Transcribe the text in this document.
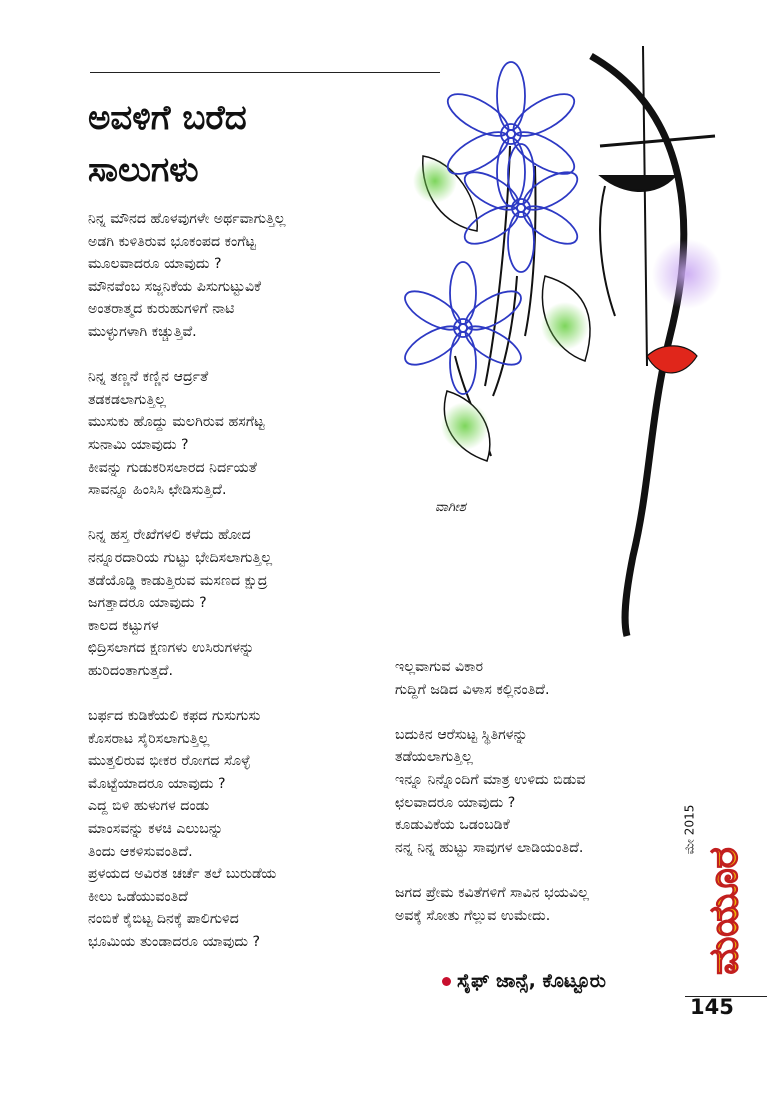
ಅವಳಿಗೆ ಬರೆದ
ಸಾಲುಗಳು
ನಿನ್ನ ಮೌನದ ಹೊಳವುಗಳೇ ಅರ್ಥವಾಗುತ್ತಿಲ್ಲ
ಅಡಗಿ ಕುಳಿತಿರುವ ಭೂಕಂಪದ ಕಂಗೆಟ್ಟ
ಮೂಲವಾದರೂ ಯಾವುದು ?
ಮೌನವೆಂಬ ಸಜ್ಜನಿಕೆಯ ಪಿಸುಗುಟ್ಟುವಿಕೆ
ಅಂತರಾತ್ಮದ ಕುರುಹುಗಳಿಗೆ ನಾಟಿ
ಮುಳ್ಳುಗಳಾಗಿ ಕಚ್ಚುತ್ತಿವೆ.
ನಿನ್ನ ತಣ್ಣನೆ ಕಣ್ಣಿನ ಆರ್ದ್ರತೆ
ತಡಕಡಲಾಗುತ್ತಿಲ್ಲ
ಮುಸುಕು ಹೊದ್ದು ಮಲಗಿರುವ ಹಸಗೆಟ್ಟ
ಸುನಾಮಿ ಯಾವುದು ?
ಕೀವನ್ನು ಗುಡುಕರಿಸಲಾರದ ನಿರ್ದಯತೆ
ಸಾವನ್ನೂ ಹಿಂಸಿಸಿ ಛೇಡಿಸುತ್ತಿದೆ.
ನಿನ್ನ ಹಸ್ತ ರೇಖೆಗಳಲಿ ಕಳೆದು ಹೋದ
ನನ್ನೂರದಾರಿಯ ಗುಟ್ಟು ಭೇದಿಸಲಾಗುತ್ತಿಲ್ಲ
ತಡೆಯೊಡ್ಡಿ ಕಾಡುತ್ತಿರುವ ಮಸಣದ ಕ್ಷುದ್ರ
ಜಗತ್ತಾದರೂ ಯಾವುದು ?
ಕಾಲದ ಕಟ್ಟುಗಳ
ಛಿದ್ರಿಸಲಾಗದ ಕ್ಷಣಗಳು ಉಸಿರುಗಳನ್ನು
ಹುರಿದಂತಾಗುತ್ತದೆ.
ಬರ್ಫದ ಕುಡಿಕೆಯಲಿ ಕಫದ ಗುಸುಗುಸು
ಕೊಸರಾಟ ಸೈರಿಸಲಾಗುತ್ತಿಲ್ಲ
ಮುತ್ತಲಿರುವ ಭೀಕರ ರೋಗದ ಸೊಳ್ಳೆ
ಮೊಟ್ಟೆಯಾದರೂ ಯಾವುದು ?
ಎದ್ದ ಬಿಳಿ ಹುಳುಗಳ ದಂಡು
ಮಾಂಸವನ್ನು ಕಳಚಿ ಎಲುಬನ್ನು
ತಿಂದು ಆಕಳಿಸುವಂತಿದೆ.
ಪ್ರಳಯದ ಅವಿರತ ಚರ್ಚೆ ತಲೆ ಬುರುಡೆಯ
ಕೀಲು ಒಡೆಯುವಂತಿದೆ
ನಂಬಿಕೆ ಕೈಬಿಟ್ಟ ದಿನಕ್ಕೆ ಪಾಲಿಗುಳಿದ
ಭೂಮಿಯ ತುಂಡಾದರೂ ಯಾವುದು ?
ಇಲ್ಲವಾಗುವ ವಿಕಾರ
ಗುದ್ದಿಗೆ ಜಡಿದ ವಿಳಾಸ ಕಲ್ಲಿನಂತಿದೆ.
ಬದುಕಿನ ಆರೆಸುಟ್ಟ ಸ್ಥಿತಿಗಳನ್ನು
ತಡೆಯಲಾಗುತ್ತಿಲ್ಲ
ಇನ್ನೂ ನಿನ್ನೊಂದಿಗೆ ಮಾತ್ರ ಉಳಿದು ಬಿಡುವ
ಛಲವಾದರೂ ಯಾವುದು ?
ಕೂಡುವಿಕೆಯ ಒಡಂಬಡಿಕೆ
ನನ್ನ ನಿನ್ನ ಹುಟ್ಟು ಸಾವುಗಳ ಲಾಡಿಯಂತಿದೆ.
ಜಗದ ಪ್ರೇಮ ಕವಿತೆಗಳಿಗೆ ಸಾವಿನ ಭಯವಿಲ್ಲ
ಅವಕ್ಕೆ ಸೋತು ಗೆಲ್ಲುವ ಉಮೇದು.
ವಾಗೀಶ
ಸೈಫ್ ಜಾನ್ಸೆ, ಕೊಟ್ಟೂರು
ಮಯೂರ
ಮೇ 2015
145
